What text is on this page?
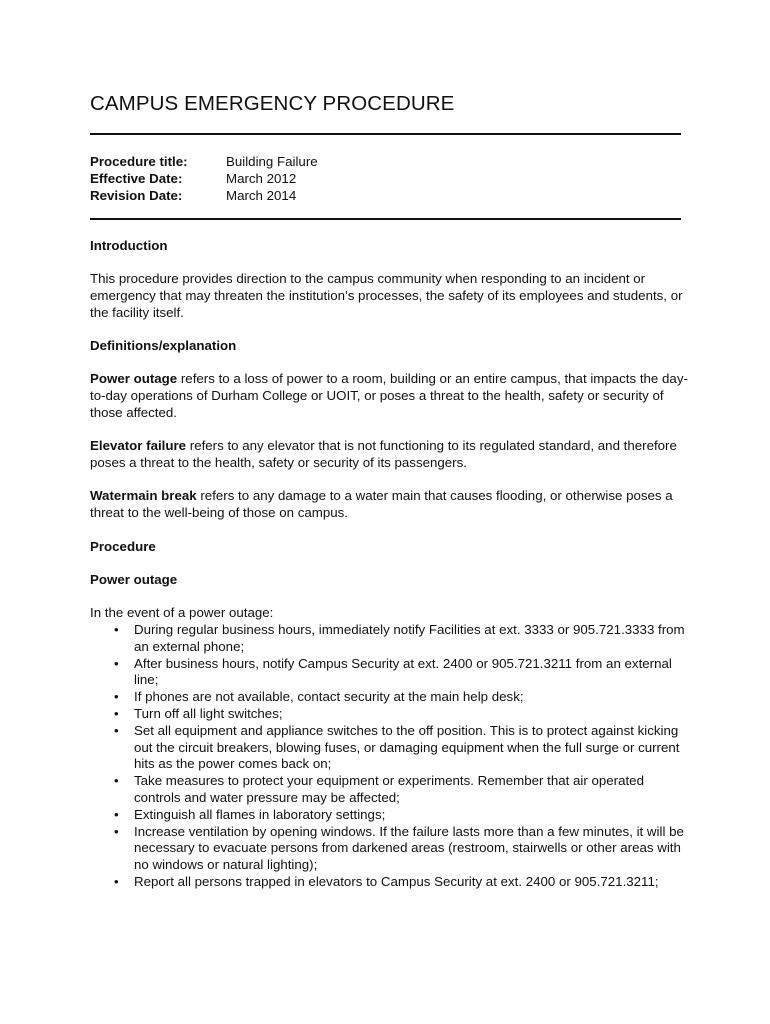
CAMPUS EMERGENCY PROCEDURE
Procedure title:	Building Failure
Effective Date:	March 2012
Revision Date:	March 2014

Introduction

This procedure provides direction to the campus community when responding to an incident or emergency that may threaten the institution’s processes, the safety of its employees and students, or the facility itself.

Definitions/explanation

Power outage refers to a loss of power to a room, building or an entire campus, that impacts the day-to-day operations of Durham College or UOIT, or poses a threat to the health, safety or security of those affected.

Elevator failure refers to any elevator that is not functioning to its regulated standard, and therefore poses a threat to the health, safety or security of its passengers.

Watermain break refers to any damage to a water main that causes flooding, or otherwise poses a threat to the well-being of those on campus.

Procedure

Power outage

In the event of a power outage:

•	During regular business hours, immediately notify Facilities at ext. 3333 or 905.721.3333 from an external phone;
•	After business hours, notify Campus Security at ext. 2400 or 905.721.3211 from an external line;
•	If phones are not available, contact security at the main help desk;
•	Turn off all light switches;
•	Set all equipment and appliance switches to the off position. This is to protect against kicking out the circuit breakers, blowing fuses, or damaging equipment when the full surge or current hits as the power comes back on;
•	Take measures to protect your equipment or experiments. Remember that air operated controls and water pressure may be affected;
•	Extinguish all flames in laboratory settings;
•	Increase ventilation by opening windows. If the failure lasts more than a few minutes, it will be necessary to evacuate persons from darkened areas (restroom, stairwells or other areas with no windows or natural lighting);
•	Report all persons trapped in elevators to Campus Security at ext. 2400 or 905.721.3211;
